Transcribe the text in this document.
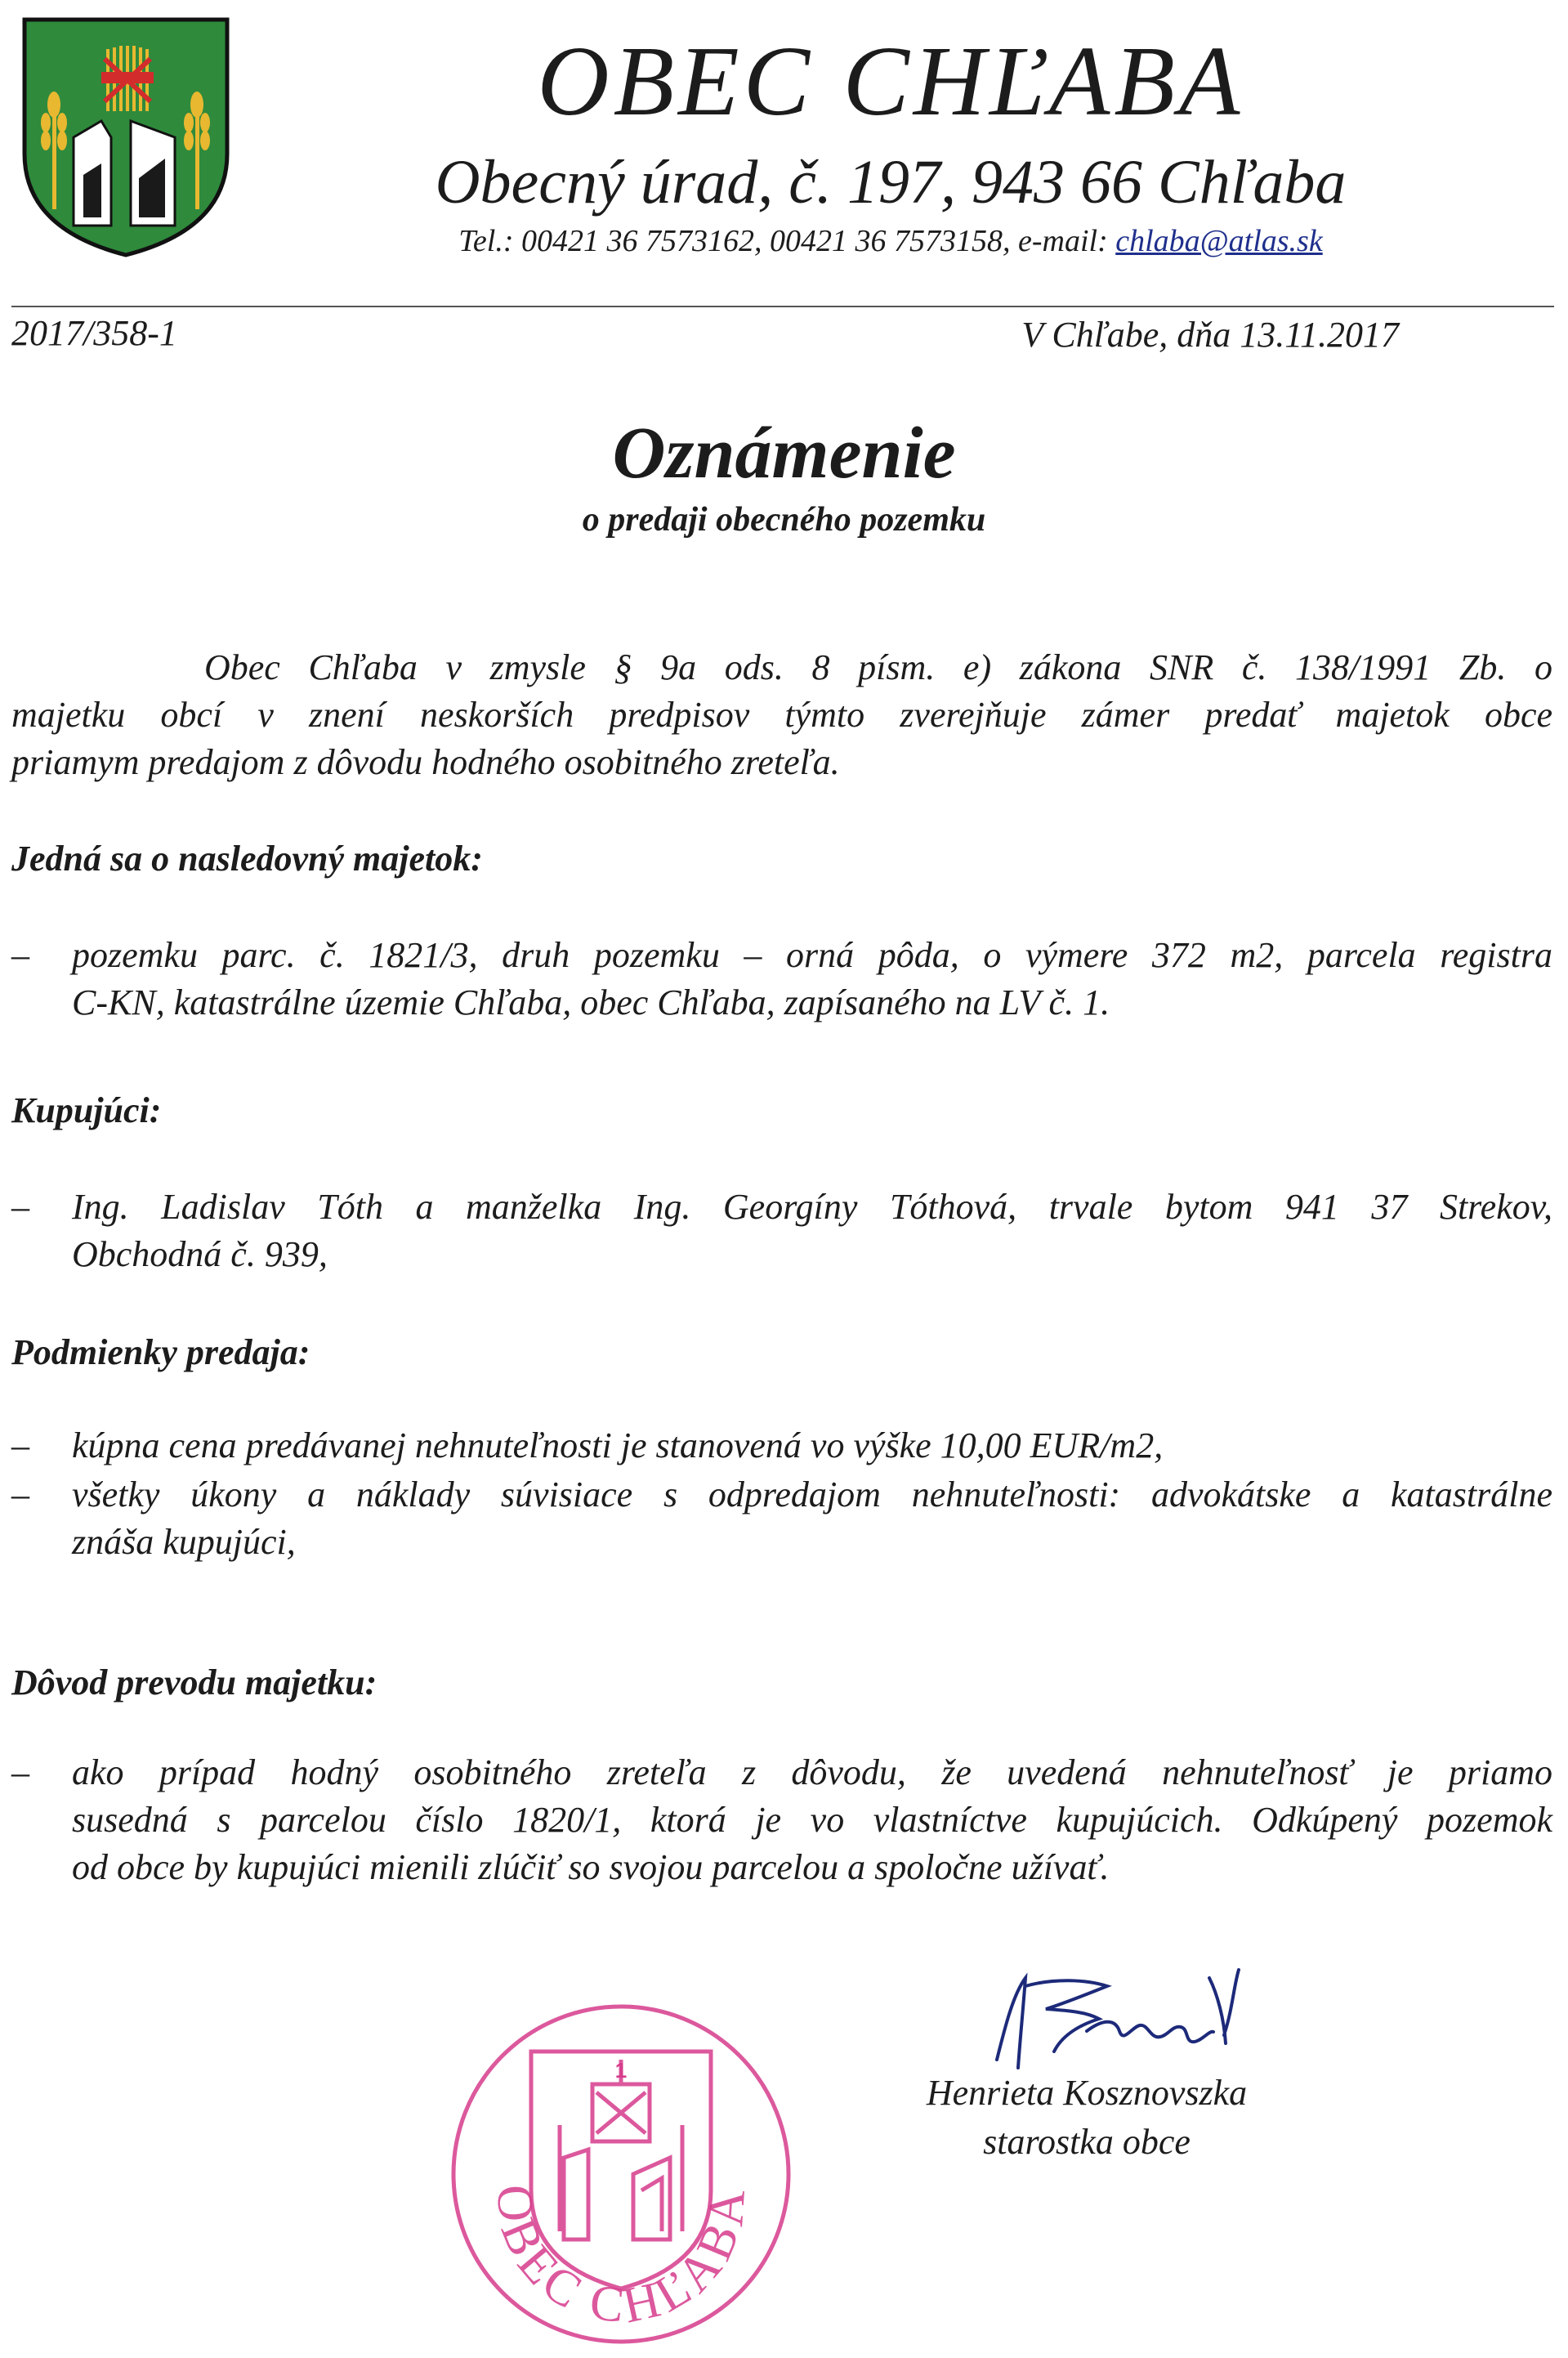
OBEC CHĽABA
Obecný úrad, č. 197, 943 66 Chľaba
Tel.: 00421 36 7573162, 00421 36 7573158, e-mail: chlaba@atlas.sk
2017/358-1	V Chľabe, dňa 13.11.2017
Oznámenie
o predaji obecného pozemku
Obec Chľaba v zmysle § 9a ods. 8 písm. e) zákona SNR č. 138/1991 Zb. o
majetku obcí v znení neskorších predpisov týmto zverejňuje zámer predať majetok obce
priamym predajom z dôvodu hodného osobitného zreteľa.
Jedná sa o nasledovný majetok:
– pozemku parc. č. 1821/3, druh pozemku – orná pôda, o výmere 372 m2, parcela registra
C-KN, katastrálne územie Chľaba, obec Chľaba, zapísaného na LV č. 1.
Kupujúci:
– Ing. Ladislav Tóth a manželka Ing. Georgíny Tóthová, trvale bytom 941 37 Strekov,
Obchodná č. 939,
Podmienky predaja:
– kúpna cena predávanej nehnuteľnosti je stanovená vo výške 10,00 EUR/m2,
– všetky úkony a náklady súvisiace s odpredajom nehnuteľnosti: advokátske a katastrálne
znáša kupujúci,
Dôvod prevodu majetku:
– ako prípad hodný osobitného zreteľa z dôvodu, že uvedená nehnuteľnosť je priamo
susedná s parcelou číslo 1820/1, ktorá je vo vlastníctve kupujúcich. Odkúpený pozemok
od obce by kupujúci mienili zlúčiť so svojou parcelou a spoločne užívať.
1
OBEC CHĽABA
Henrieta Kosznovszka
starostka obce
